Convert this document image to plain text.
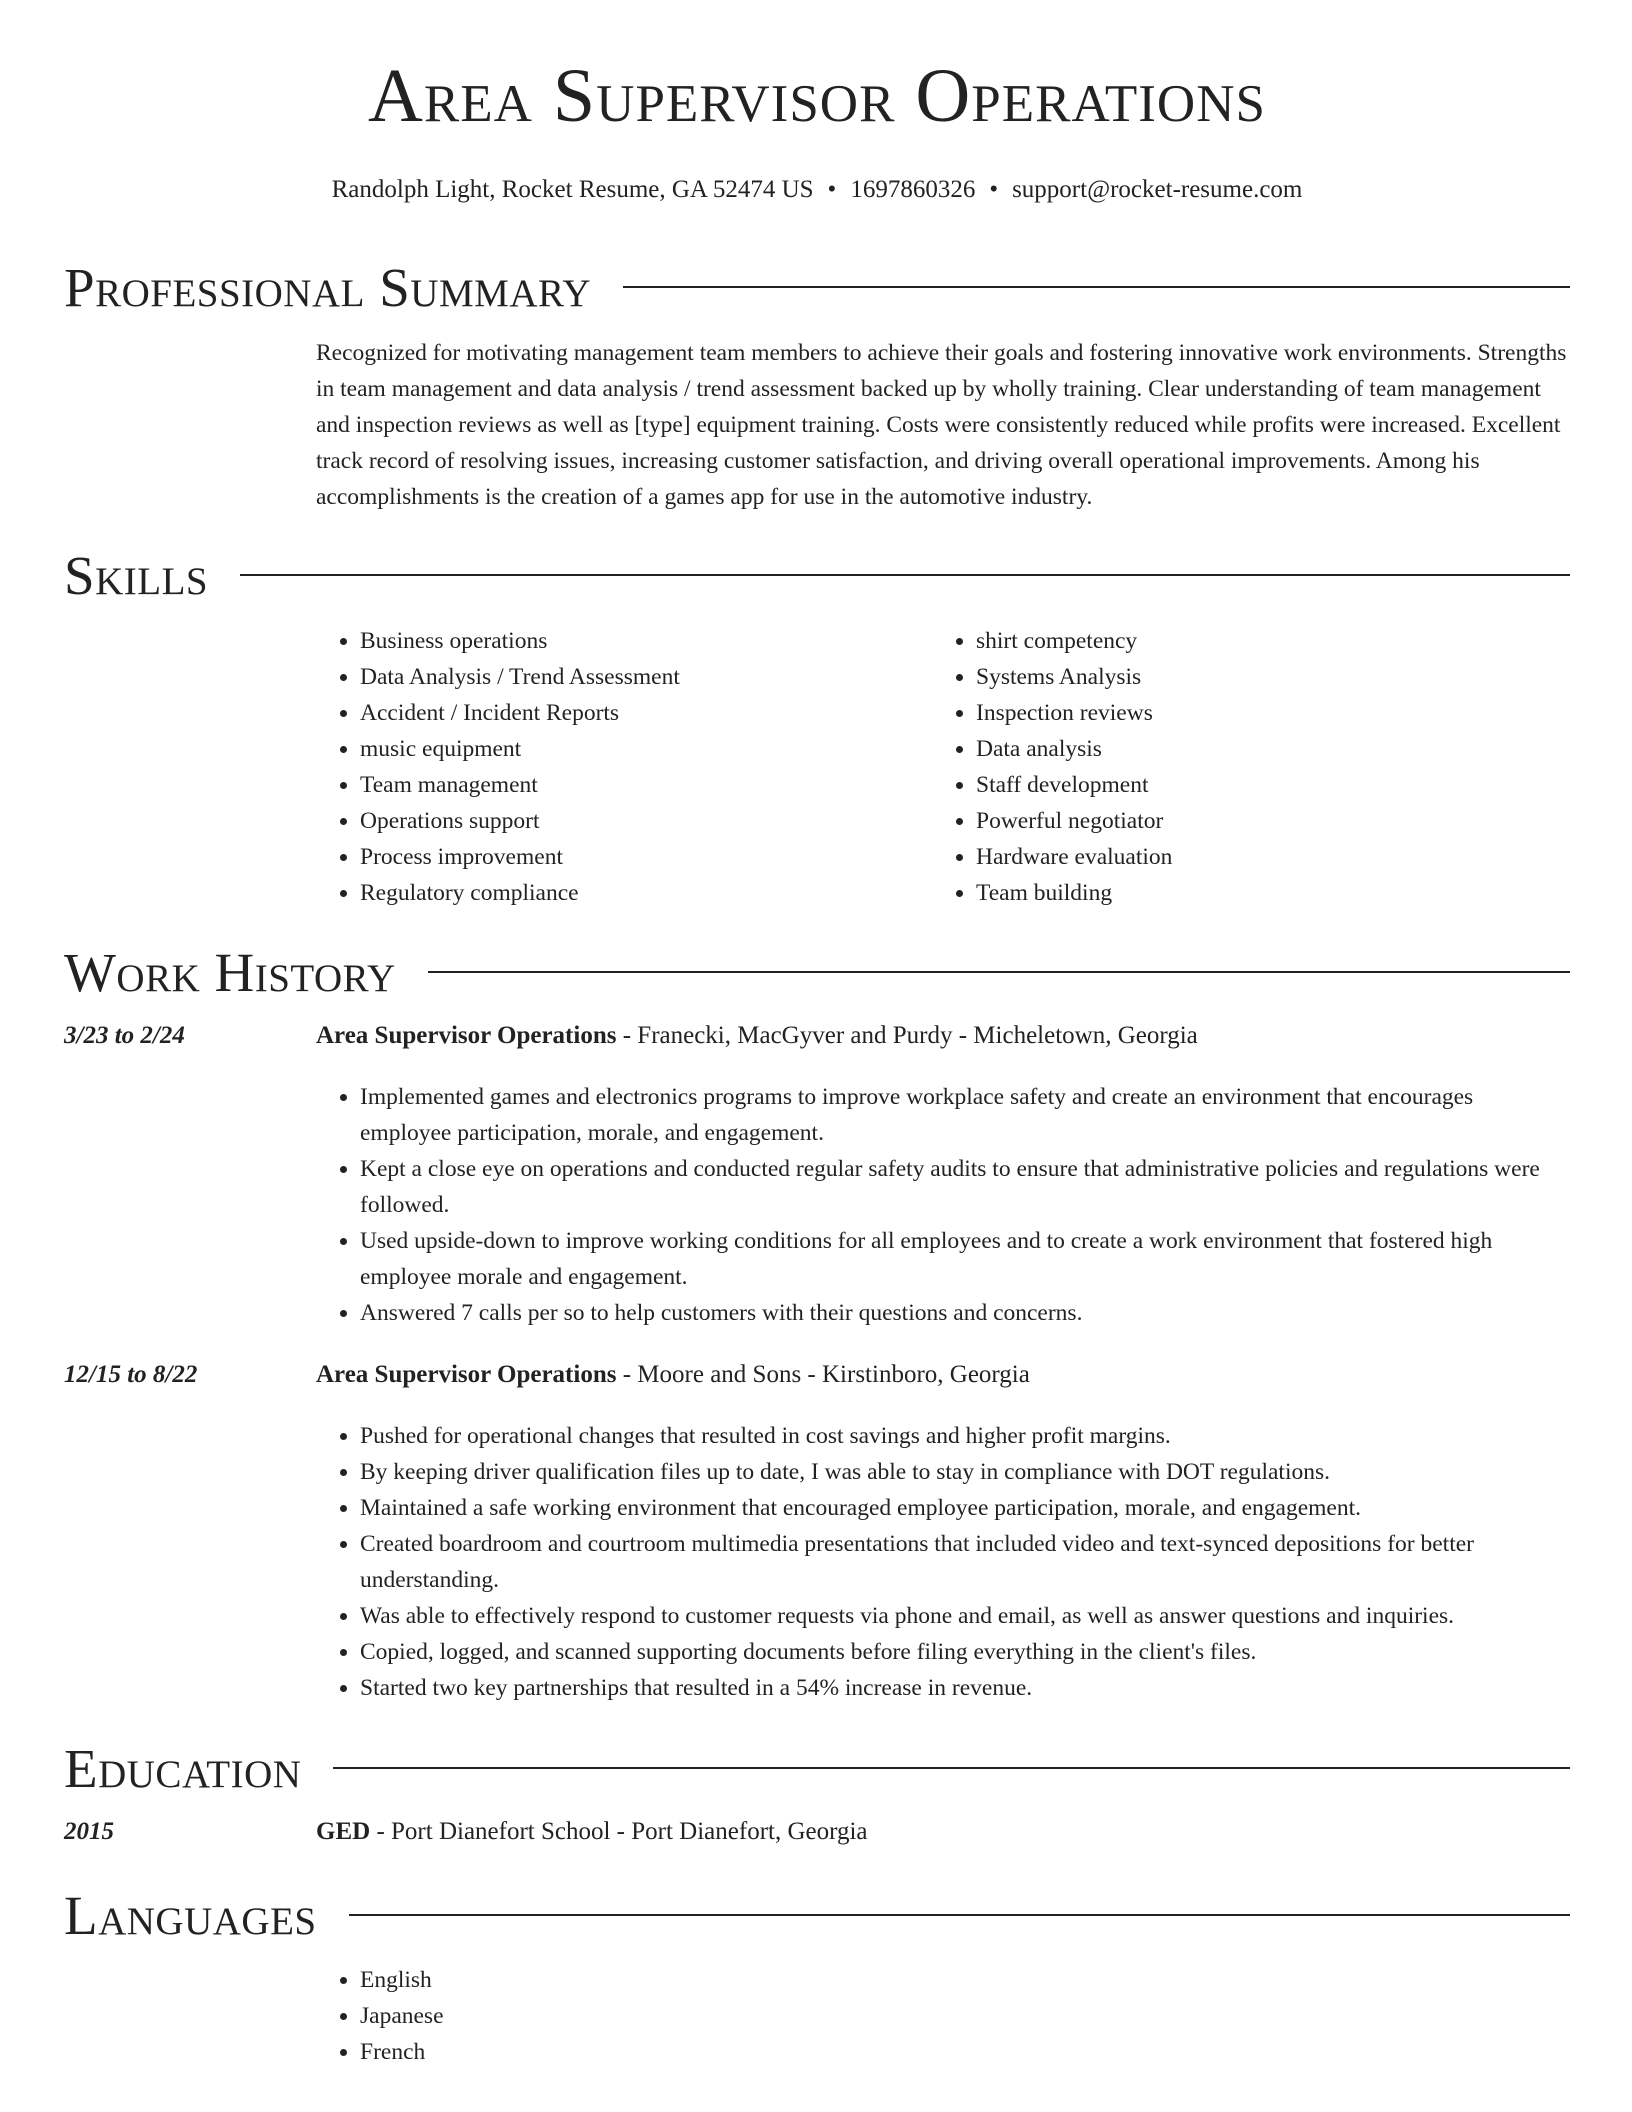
Area Supervisor Operations
Randolph Light, Rocket Resume, GA 52474 US • 1697860326 • support@rocket-resume.com
Professional Summary

Recognized for motivating management team members to achieve their goals and fostering innovative work environments. Strengths in team management and data analysis / trend assessment backed up by wholly training. Clear understanding of team management and inspection reviews as well as [type] equipment training. Costs were consistently reduced while profits were increased. Excellent track record of resolving issues, increasing customer satisfaction, and driving overall operational improvements. Among his accomplishments is the creation of a games app for use in the automotive industry.

Skills
• Business operations
• Data Analysis / Trend Assessment
• Accident / Incident Reports
• music equipment
• Team management
• Operations support
• Process improvement
• Regulatory compliance
• shirt competency
• Systems Analysis
• Inspection reviews
• Data analysis
• Staff development
• Powerful negotiator
• Hardware evaluation
• Team building
Work History
3/23 to 2/24	Area Supervisor Operations - Franecki, MacGyver and Purdy - Micheletown, Georgia
• Implemented games and electronics programs to improve workplace safety and create an environment that encourages employee participation, morale, and engagement.
• Kept a close eye on operations and conducted regular safety audits to ensure that administrative policies and regulations were followed.
• Used upside-down to improve working conditions for all employees and to create a work environment that fostered high employee morale and engagement.
• Answered 7 calls per so to help customers with their questions and concerns.
12/15 to 8/22	Area Supervisor Operations - Moore and Sons - Kirstinboro, Georgia
• Pushed for operational changes that resulted in cost savings and higher profit margins.
• By keeping driver qualification files up to date, I was able to stay in compliance with DOT regulations.
• Maintained a safe working environment that encouraged employee participation, morale, and engagement.
• Created boardroom and courtroom multimedia presentations that included video and text-synced depositions for better understanding.
• Was able to effectively respond to customer requests via phone and email, as well as answer questions and inquiries.
• Copied, logged, and scanned supporting documents before filing everything in the client's files.
• Started two key partnerships that resulted in a 54% increase in revenue.
Education
2015	GED - Port Dianefort School - Port Dianefort, Georgia
Languages
• English
• Japanese
• French
